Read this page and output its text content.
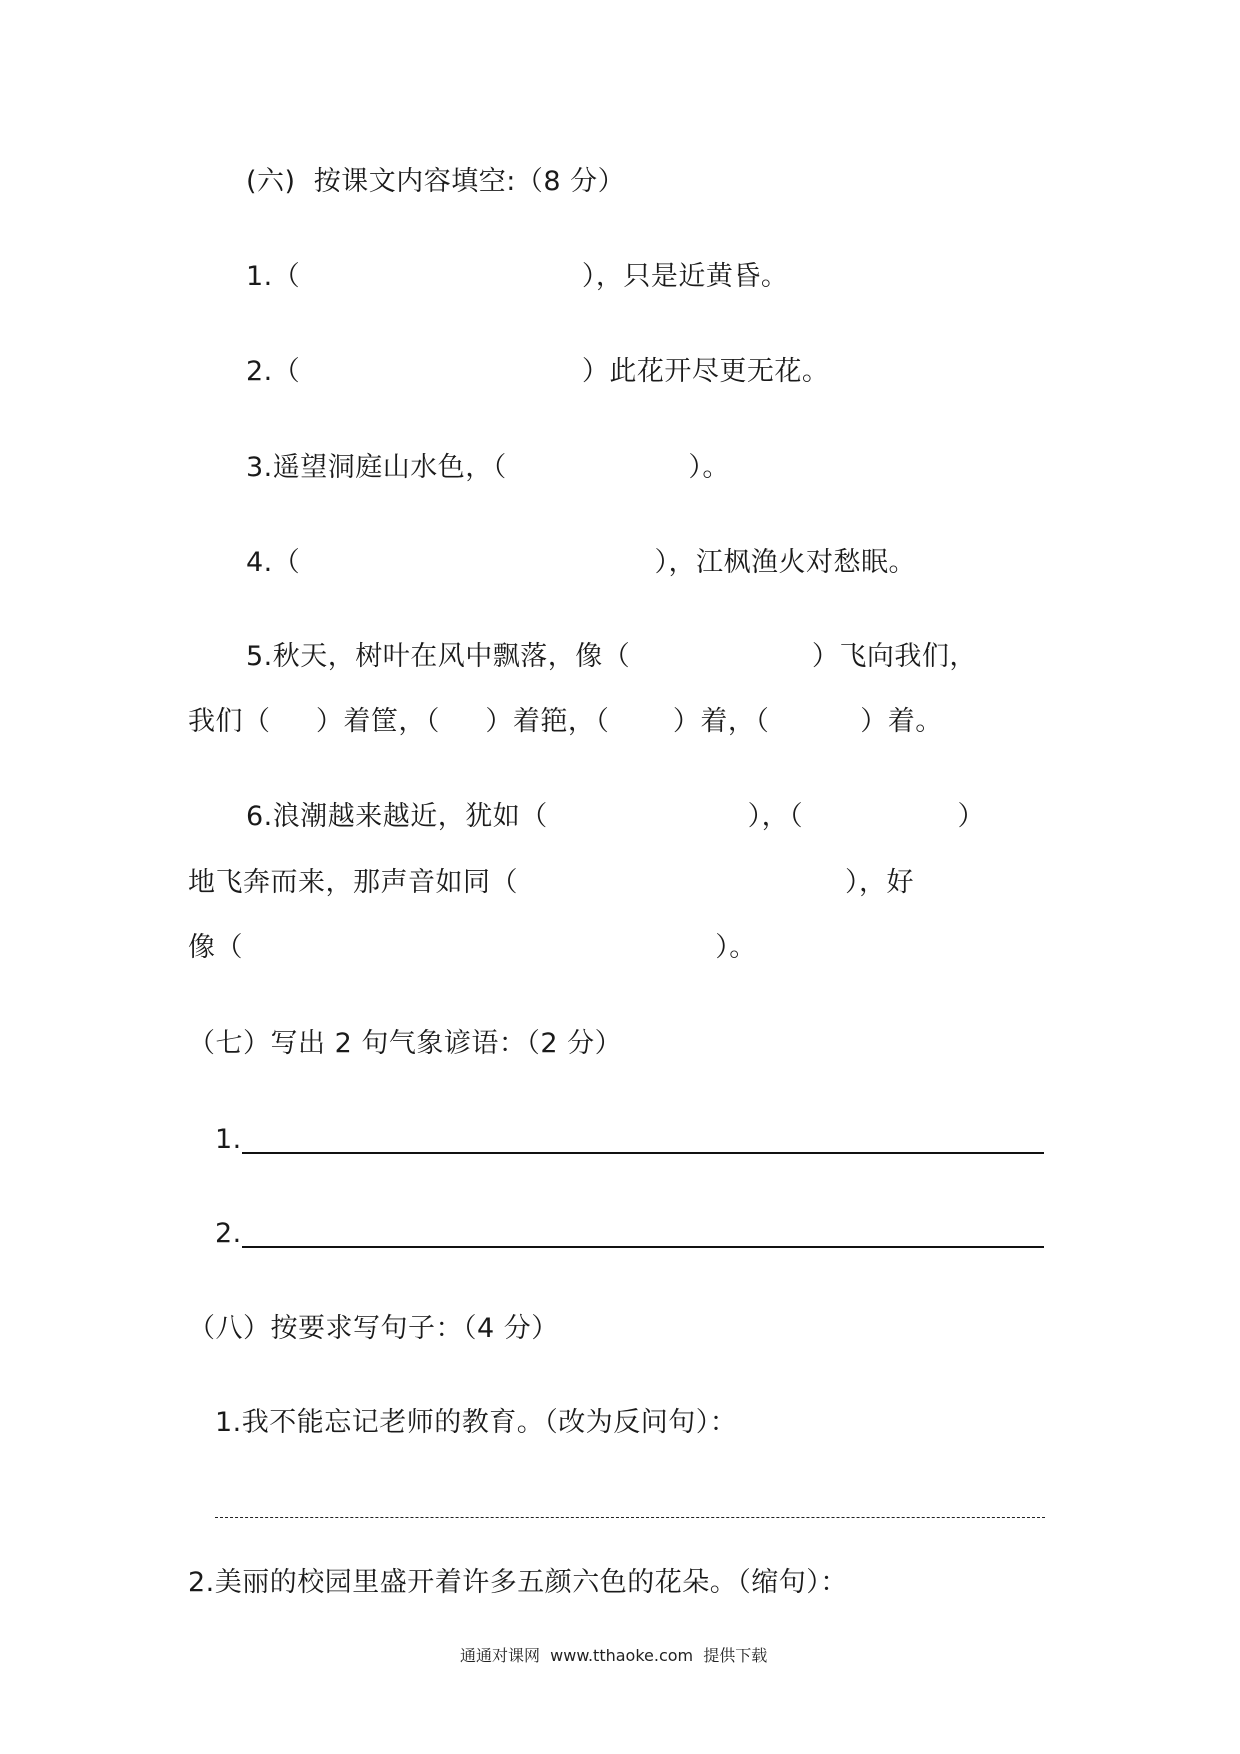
(六)  按课文内容填空:（8 分）
1.（                               ），只是近黄昏。
2.（                               ）此花开尽更无花。
3.遥望洞庭山水色，（                    ）。
4.（                                       ），江枫渔火对愁眠。
5.秋天，树叶在风中飘落，像（                    ）飞向我们，
我们（     ）着筐，（     ）着筢，（       ）着，（          ）着。
6.浪潮越来越近，犹如（                      ），（                 ）
地飞奔而来，那声音如同（                                    ），好
像（                                                    ）。
（七）写出 2 句气象谚语：（2 分）
1.
2.
（八）按要求写句子：（4 分）
1.我不能忘记老师的教育。（改为反问句）：
2.美丽的校园里盛开着许多五颜六色的花朵。（缩句）：
通通对课网  www.tthaoke.com  提供下载
